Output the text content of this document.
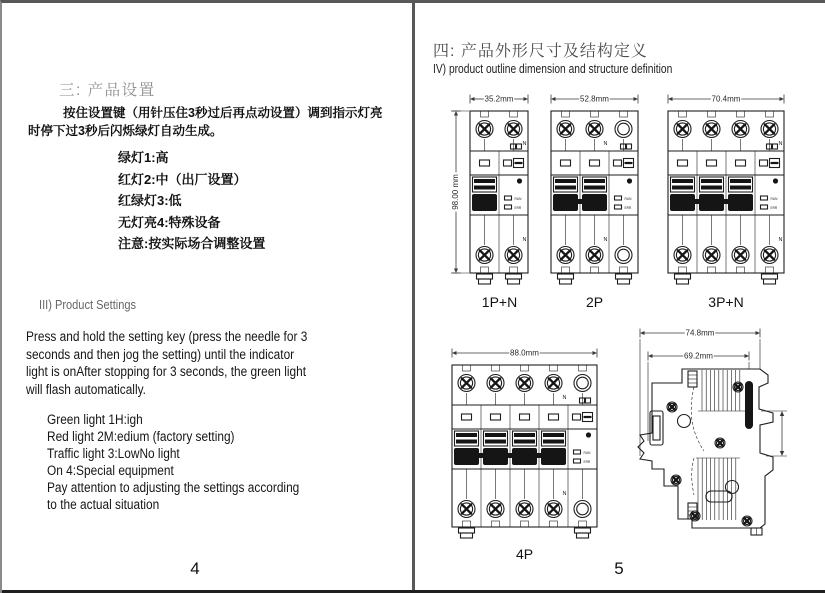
三: 产品设置
按住设置键（用针压住3秒过后再点动设置）调到指示灯亮
时停下过3秒后闪烁绿灯自动生成。
绿灯1:高
红灯2:中（出厂设置）
红绿灯3:低
无灯亮4:特殊设备
注意:按实际场合调整设置
III) Product Settings
Press and hold the setting key (press the needle for 3
seconds and then jog the setting) until the indicator
light is onAfter stopping for 3 seconds, the green light
will flash automatically.
Green light 1H:igh
Red light 2M:edium (factory setting)
Traffic light 3:LowNo light
On 4:Special equipment
Pay attention to adjusting the settings according
to the actual situation
4
四: 产品外形尺寸及结构定义
IV) product outline dimension and structure definition
35.2mm
98.00 mm
N
N
RUN
ERR
52.8mm
N
N
RUN
ERR
70.4mm
N
N
RUN
ERR
88.0mm
N
N
RUN
ERR
74.8mm
69.2mm
1P+N	2P	3P+N
4P
5
